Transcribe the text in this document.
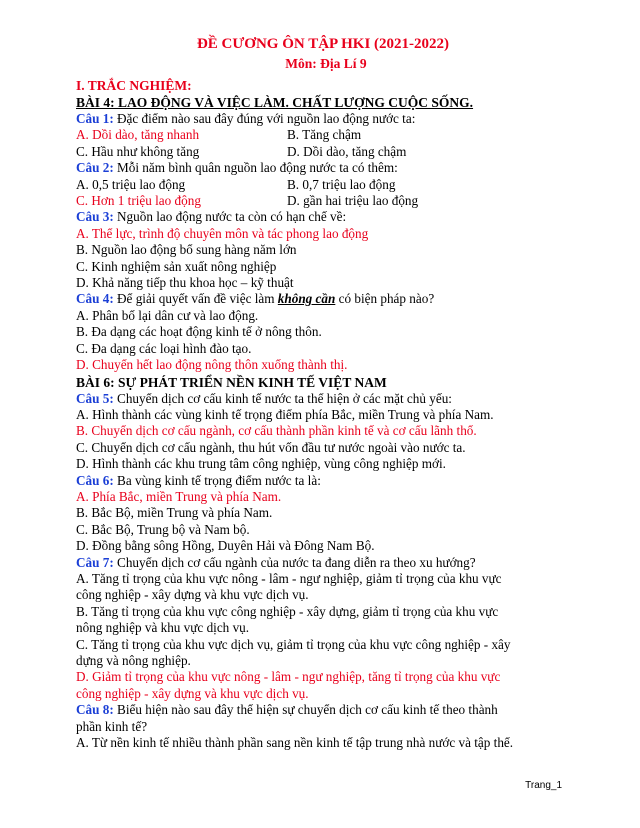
ĐỀ CƯƠNG ÔN TẬP HKI (2021-2022)
Môn: Địa Lí 9
I. TRẮC NGHIỆM:
BÀI 4: LAO ĐỘNG VÀ VIỆC LÀM. CHẤT LƯỢNG CUỘC SỐNG.
Câu 1: Đặc điểm nào sau đây đúng với nguồn lao động nước ta:
A. Dồi dào, tăng nhanh	B. Tăng chậm
C. Hầu như không tăng	D. Dồi dào, tăng chậm
Câu 2: Mỗi năm bình quân nguồn lao động nước ta có thêm:
A. 0,5 triệu lao động	B. 0,7 triệu lao động
C. Hơn 1 triệu lao động	D. gần hai triệu lao động
Câu 3: Nguồn lao động nước ta còn có hạn chế về:
A. Thể lực, trình độ chuyên môn và tác phong lao động
B. Nguồn lao động bổ sung hàng năm lớn
C. Kinh nghiệm sản xuất nông nghiệp
D. Khả năng tiếp thu khoa học – kỹ thuật
Câu 4: Để giải quyết vấn đề việc làm không cần có biện pháp nào?
A. Phân bố lại dân cư và lao động.
B. Đa dạng các hoạt động kinh tế ở nông thôn.
C. Đa dạng các loại hình đào tạo.
D. Chuyển hết lao động nông thôn xuống thành thị.
BÀI 6: SỰ PHÁT TRIỂN NỀN KINH TẾ VIỆT NAM
Câu 5: Chuyển dịch cơ cấu kinh tế nước ta thể hiện ở các mặt chủ yếu:
A. Hình thành các vùng kinh tế trọng điểm phía Bắc, miền Trung và phía Nam.
B. Chuyển dịch cơ cấu ngành, cơ cấu thành phần kinh tế và cơ cấu lãnh thổ.
C. Chuyển dịch cơ cấu ngành, thu hút vốn đầu tư nước ngoài vào nước ta.
D. Hình thành các khu trung tâm công nghiệp, vùng công nghiệp mới.
Câu 6: Ba vùng kinh tế trọng điểm nước ta là:
A. Phía Bắc, miền Trung và phía Nam.
B. Bắc Bộ, miền Trung và phía Nam.
C. Bắc Bộ, Trung bộ và Nam bộ.
D. Đồng bằng sông Hồng, Duyên Hải và Đông Nam Bộ.
Câu 7: Chuyển dịch cơ cấu ngành của nước ta đang diễn ra theo xu hướng?
A. Tăng tỉ trọng của khu vực nông - lâm - ngư nghiệp, giảm tỉ trọng của khu vực
công nghiệp - xây dựng và khu vực dịch vụ.
B. Tăng tỉ trọng của khu vực công nghiệp - xây dựng, giảm tỉ trọng của khu vực
nông nghiệp và khu vực dịch vụ.
C. Tăng tỉ trọng của khu vực dịch vụ, giảm tỉ trọng của khu vực công nghiệp - xây
dựng và nông nghiệp.
D. Giảm tỉ trọng của khu vực nông - lâm - ngư nghiệp, tăng tỉ trọng của khu vực
công nghiệp - xây dựng và khu vực dịch vụ.
Câu 8: Biểu hiện nào sau đây thể hiện sự chuyển dịch cơ cấu kinh tế theo thành
phần kinh tế?
A. Từ nền kinh tế nhiều thành phần sang nền kinh tế tập trung nhà nước và tập thể.
Trang_1
